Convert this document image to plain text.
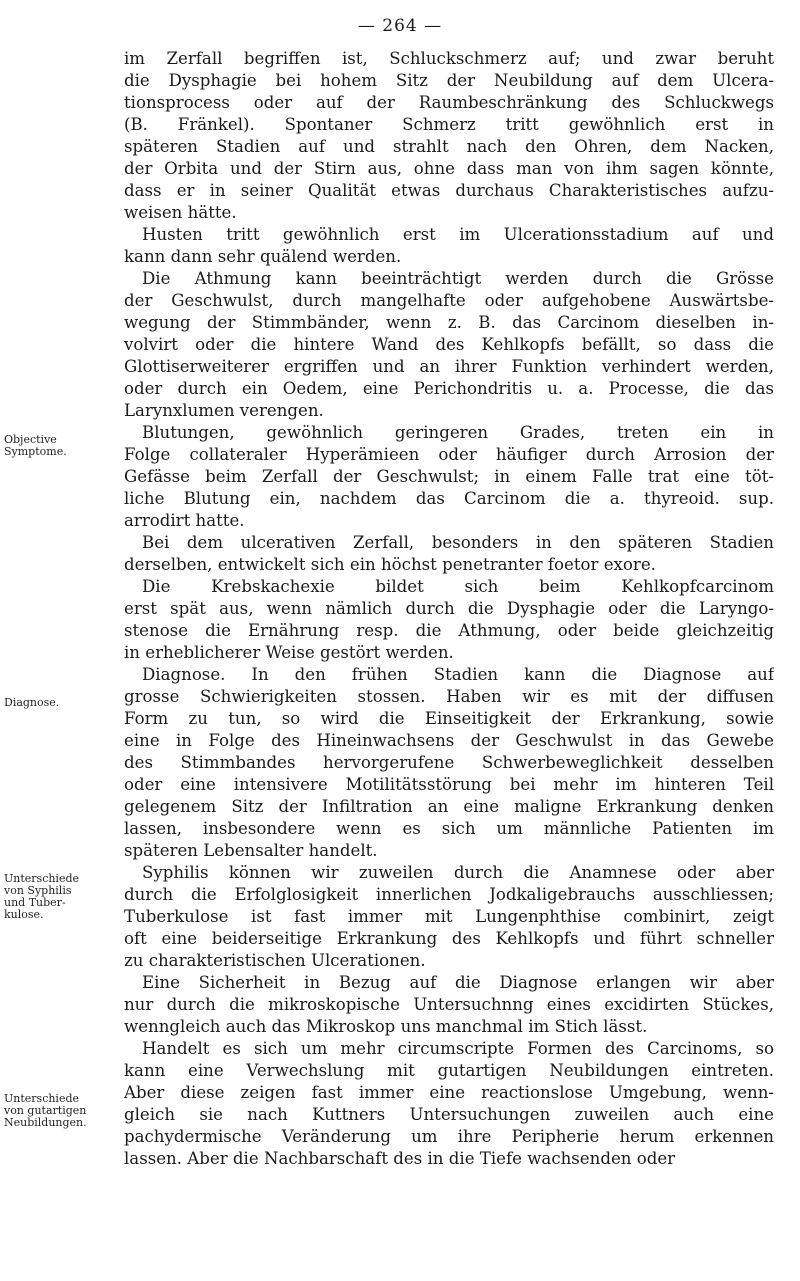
— 264 —
Objective
Symptome.
Diagnose.
Unterschiede
von Syphilis
und Tuber-
kulose.
Unterschiede
von gutartigen
Neubildungen.
im Zerfall begriffen ist, Schluckschmerz auf; und zwar beruht
die Dysphagie bei hohem Sitz der Neubildung auf dem Ulcera-
tionsprocess oder auf der Raumbeschränkung des Schluckwegs
(B. Fränkel). Spontaner Schmerz tritt gewöhnlich erst in
späteren Stadien auf und strahlt nach den Ohren, dem Nacken,
der Orbita und der Stirn aus, ohne dass man von ihm sagen könnte,
dass er in seiner Qualität etwas durchaus Charakteristisches aufzu-
weisen hätte.
Husten tritt gewöhnlich erst im Ulcerationsstadium auf und
kann dann sehr quälend werden.
Die Athmung kann beeinträchtigt werden durch die Grösse
der Geschwulst, durch mangelhafte oder aufgehobene Auswärtsbe-
wegung der Stimmbänder, wenn z. B. das Carcinom dieselben in-
volvirt oder die hintere Wand des Kehlkopfs befällt, so dass die
Glottiserweiterer ergriffen und an ihrer Funktion verhindert werden,
oder durch ein Oedem, eine Perichondritis u. a. Processe, die das
Larynxlumen verengen.
Blutungen, gewöhnlich geringeren Grades, treten ein in
Folge collateraler Hyperämieen oder häufiger durch Arrosion der
Gefässe beim Zerfall der Geschwulst; in einem Falle trat eine töt-
liche Blutung ein, nachdem das Carcinom die a. thyreoid. sup.
arrodirt hatte.
Bei dem ulcerativen Zerfall, besonders in den späteren Stadien
derselben, entwickelt sich ein höchst penetranter foetor exore.
Die Krebskachexie bildet sich beim Kehlkopfcarcinom
erst spät aus, wenn nämlich durch die Dysphagie oder die Laryngo-
stenose die Ernährung resp. die Athmung, oder beide gleichzeitig
in erheblicherer Weise gestört werden.
Diagnose. In den frühen Stadien kann die Diagnose auf
grosse Schwierigkeiten stossen. Haben wir es mit der diffusen
Form zu tun, so wird die Einseitigkeit der Erkrankung, sowie
eine in Folge des Hineinwachsens der Geschwulst in das Gewebe
des Stimmbandes hervorgerufene Schwerbeweglichkeit desselben
oder eine intensivere Motilitätsstörung bei mehr im hinteren Teil
gelegenem Sitz der Infiltration an eine maligne Erkrankung denken
lassen, insbesondere wenn es sich um männliche Patienten im
späteren Lebensalter handelt.
Syphilis können wir zuweilen durch die Anamnese oder aber
durch die Erfolglosigkeit innerlichen Jodkaligebrauchs ausschliessen;
Tuberkulose ist fast immer mit Lungenphthise combinirt, zeigt
oft eine beiderseitige Erkrankung des Kehlkopfs und führt schneller
zu charakteristischen Ulcerationen.
Eine Sicherheit in Bezug auf die Diagnose erlangen wir aber
nur durch die mikroskopische Untersuchnng eines excidirten Stückes,
wenngleich auch das Mikroskop uns manchmal im Stich lässt.
Handelt es sich um mehr circumscripte Formen des Carcinoms, so
kann eine Verwechslung mit gutartigen Neubildungen eintreten.
Aber diese zeigen fast immer eine reactionslose Umgebung, wenn-
gleich sie nach Kuttners Untersuchungen zuweilen auch eine
pachydermische Veränderung um ihre Peripherie herum erkennen
lassen. Aber die Nachbarschaft des in die Tiefe wachsenden oder
